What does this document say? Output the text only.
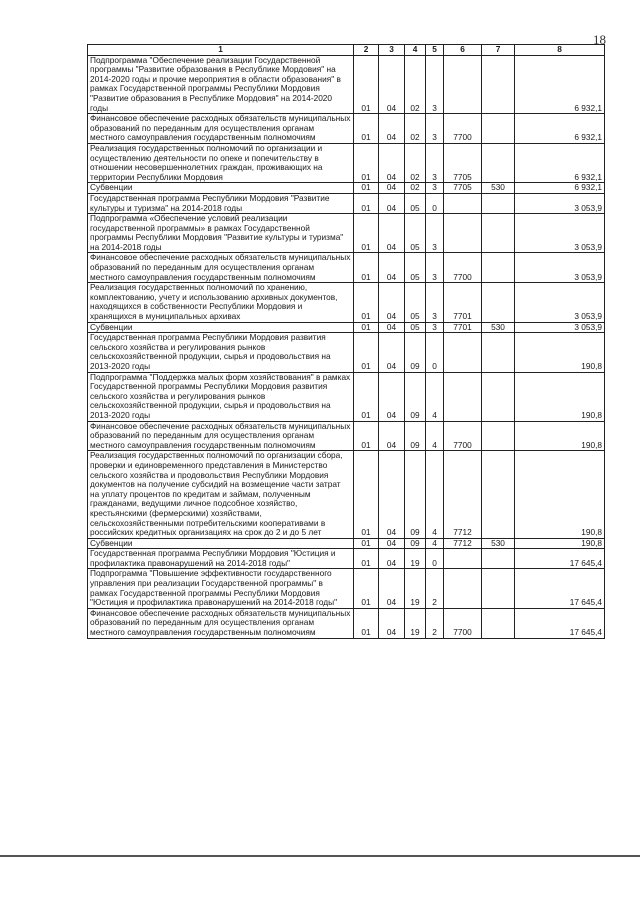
18
1	2	3	4	5	6	7	8
Подпрограмма "Обеспечение реализации Государственной программы "Развитие образования в Республике Мордовия" на 2014-2020 годы и прочие мероприятия в области образования" в рамках Государственной программы Республики Мордовия "Развитие образования в Республике Мордовия" на 2014-2020 годы	01	04	02	3			6 932,1
Финансовое обеспечение расходных обязательств муниципальных образований по переданным для осуществления органам местного самоуправления государственным полномочиям	01	04	02	3	7700		6 932,1
Реализация государственных полномочий по организации и осуществлению деятельности по опеке и попечительству в отношении несовершеннолетних граждан, проживающих на территории Республики Мордовия	01	04	02	3	7705		6 932,1
Субвенции	01	04	02	3	7705	530	6 932,1
Государственная программа Республики Мордовия "Развитие культуры и туризма" на 2014-2018 годы	01	04	05	0			3 053,9
Подпрограмма «Обеспечение условий реализации государственной программы» в рамках Государственной программы Республики Мордовия "Развитие культуры и туризма" на 2014-2018 годы	01	04	05	3			3 053,9
Финансовое обеспечение расходных обязательств муниципальных образований по переданным для осуществления органам местного самоуправления государственным полномочиям	01	04	05	3	7700		3 053,9
Реализация государственных полномочий по хранению, комплектованию, учету и использованию архивных документов, находящихся в собственности Республики Мордовия и хранящихся в муниципальных архивах	01	04	05	3	7701		3 053,9
Субвенции	01	04	05	3	7701	530	3 053,9
Государственная программа Республики Мордовия развития сельского хозяйства и регулирования рынков сельскохозяйственной продукции, сырья и продовольствия на 2013-2020 годы	01	04	09	0			190,8
Подпрограмма "Поддержка малых форм хозяйствования" в рамках Государственной программы Республики Мордовия развития сельского хозяйства и регулирования рынков сельскохозяйственной продукции, сырья и продовольствия на 2013-2020 годы	01	04	09	4			190,8
Финансовое обеспечение расходных обязательств муниципальных образований по переданным для осуществления органам местного самоуправления государственным полномочиям	01	04	09	4	7700		190,8
Реализация государственных полномочий по организации сбора, проверки и единовременного представления в Министерство сельского хозяйства и продовольствия Республики Мордовия документов на получение субсидий на возмещение части затрат на уплату процентов по кредитам и займам, полученным гражданами, ведущими личное подсобное хозяйство, крестьянскими (фермерскими) хозяйствами, сельскохозяйственными потребительскими кооперативами в российских кредитных организациях на срок до 2 и до 5 лет	01	04	09	4	7712		190,8
Субвенции	01	04	09	4	7712	530	190,8
Государственная программа Республики Мордовия "Юстиция и профилактика правонарушений на 2014-2018 годы"	01	04	19	0			17 645,4
Подпрограмма "Повышение эффективности государственного управления при реализации Государственной программы" в рамках Государственной программы Республики Мордовия "Юстиция и профилактика правонарушений на 2014-2018 годы"	01	04	19	2			17 645,4
Финансовое обеспечение расходных обязательств муниципальных образований по переданным для осуществления органам местного самоуправления государственным полномочиям	01	04	19	2	7700		17 645,4
